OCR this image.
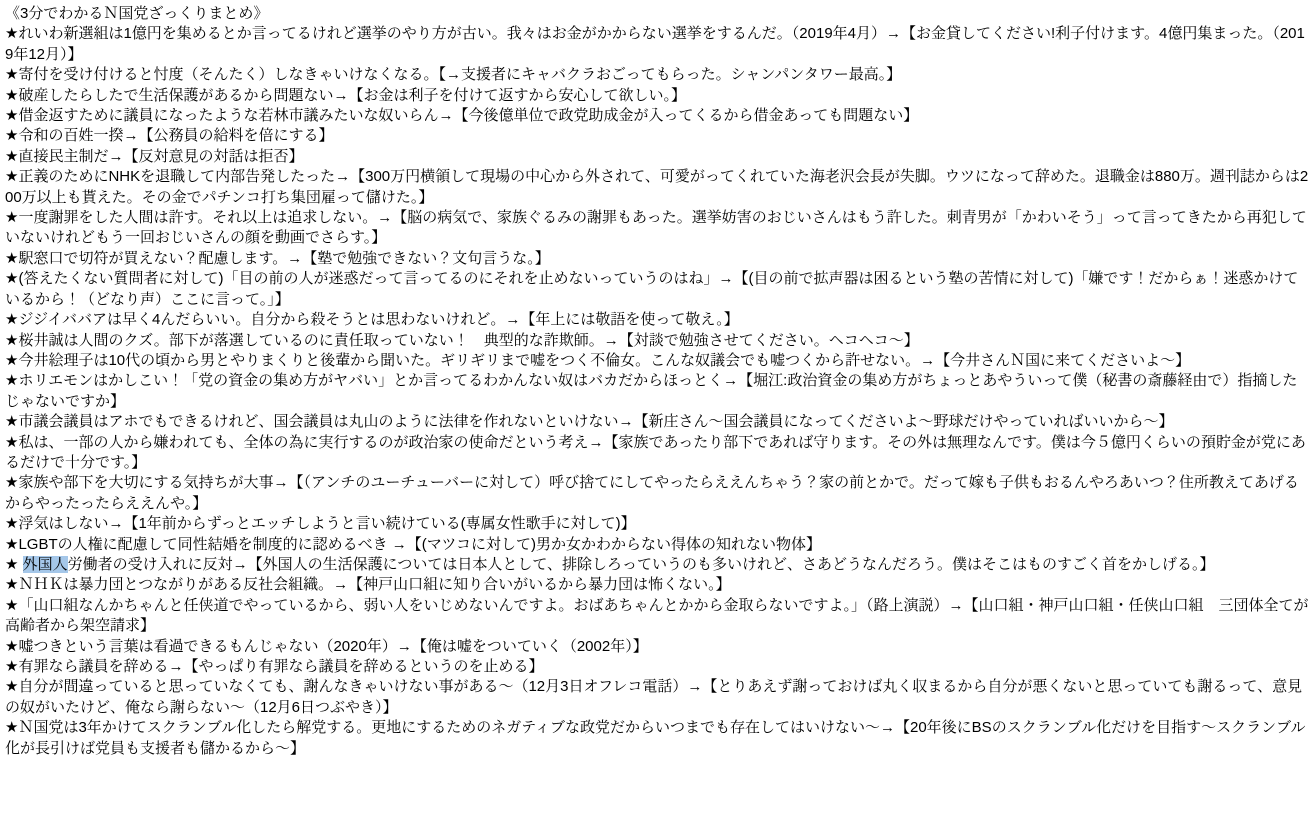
《3分でわかるＮ国党ざっくりまとめ》
★れいわ新選組は1億円を集めるとか言ってるけれど選挙のやり方が古い。我々はお金がかからない選挙をするんだ。（2019年4月）→【お金貸してください!利子付けます。4億円集まった。（2019年12月）】
★寄付を受け付けると忖度（そんたく）しなきゃいけなくなる。【→支援者にキャバクラおごってもらった。シャンパンタワー最高。】
★破産したらしたで生活保護があるから問題ない→【お金は利子を付けて返すから安心して欲しい。】
★借金返すために議員になったような若林市議みたいな奴いらん→【今後億単位で政党助成金が入ってくるから借金あっても問題ない】
★令和の百姓一揆→【公務員の給料を倍にする】
★直接民主制だ→【反対意見の対話は拒否】
★正義のためにNHKを退職して内部告発したった→【300万円横領して現場の中心から外されて、可愛がってくれていた海老沢会長が失脚。ウツになって辞めた。退職金は880万。週刊誌からは200万以上も貰えた。その金でパチンコ打ち集団雇って儲けた。】
★一度謝罪をした人間は許す。それ以上は追求しない。→【脳の病気で、家族ぐるみの謝罪もあった。選挙妨害のおじいさんはもう許した。刺青男が「かわいそう」って言ってきたから再犯していないけれどもう一回おじいさんの顔を動画でさらす。】
★駅窓口で切符が買えない？配慮します。→【塾で勉強できない？文句言うな。】
★(答えたくない質問者に対して)「目の前の人が迷惑だって言ってるのにそれを止めないっていうのはね」→【(目の前で拡声器は困るという塾の苦情に対して)「嫌です！だからぁ！迷惑かけているから！（どなり声）ここに言って。」】
★ジジイババアは早く4んだらいい。自分から殺そうとは思わないけれど。→【年上には敬語を使って敬え。】
★桜井誠は人間のクズ。部下が落選しているのに責任取っていない！　典型的な詐欺師。→【対談で勉強させてください。ヘコヘコ～】
★今井絵理子は10代の頃から男とやりまくりと後輩から聞いた。ギリギリまで嘘をつく不倫女。こんな奴議会でも嘘つくから許せない。→【今井さんＮ国に来てくださいよ～】
★ホリエモンはかしこい！「党の資金の集め方がヤバい」とか言ってるわかんない奴はバカだからほっとく→【堀江:政治資金の集め方がちょっとあやういって僕（秘書の斎藤経由で）指摘したじゃないですか】
★市議会議員はアホでもできるけれど、国会議員は丸山のように法律を作れないといけない→【新庄さん～国会議員になってくださいよ～野球だけやっていればいいから～】
★私は、一部の人から嫌われても、全体の為に実行するのが政治家の使命だという考え→【家族であったり部下であれば守ります。その外は無理なんです。僕は今５億円くらいの預貯金が党にあるだけで十分です。】
★家族や部下を大切にする気持ちが大事→【（アンチのユーチューバーに対して）呼び捨てにしてやったらええんちゃう？家の前とかで。だって嫁も子供もおるんやろあいつ？住所教えてあげるからやったったらええんや。】
★浮気はしない→【1年前からずっとエッチしようと言い続けている(専属女性歌手に対して)】
★LGBTの人権に配慮して同性結婚を制度的に認めるべき →【(マツコに対して)男か女かわからない得体の知れない物体】
★ 外国人労働者の受け入れに反対→【外国人の生活保護については日本人として、排除しろっていうのも多いけれど、さあどうなんだろう。僕はそこはものすごく首をかしげる。】
★ＮＨＫは暴力団とつながりがある反社会組織。→【神戸山口組に知り合いがいるから暴力団は怖くない。】
★「山口組なんかちゃんと任侠道でやっているから、弱い人をいじめないんですよ。おばあちゃんとかから金取らないですよ。」（路上演説）→【山口組・神戸山口組・任侠山口組　三団体全てが高齢者から架空請求】
★嘘つきという言葉は看過できるもんじゃない（2020年）→【俺は嘘をついていく（2002年）】
★有罪なら議員を辞める→【やっぱり有罪なら議員を辞めるというのを止める】
★自分が間違っていると思っていなくても、謝んなきゃいけない事がある～（12月3日オフレコ電話）→【とりあえず謝っておけば丸く収まるから自分が悪くないと思っていても謝るって、意見の奴がいたけど、俺なら謝らない～（12月6日つぶやき）】
★Ｎ国党は3年かけてスクランブル化したら解党する。更地にするためのネガティブな政党だからいつまでも存在してはいけない～→【20年後にBSのスクランブル化だけを目指す～スクランブル化が長引けば党員も支援者も儲かるから～】
